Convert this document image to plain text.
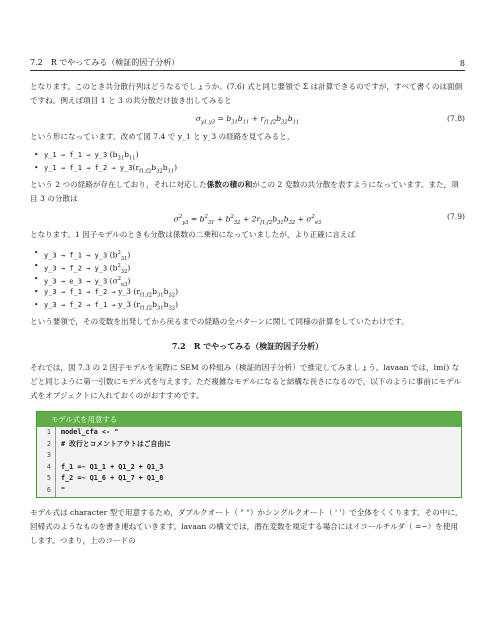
7.2　R でやってみる（検証的因子分析）	8

となります。このとき共分散行列はどうなるでしょうか。(7.6) 式と同じ要領で Σ は計算できるのですが，すべて書くのは面倒ですね。例えば項目 1 と 3 の共分散だけ抜き出してみると

$\sigma_{y1,y3} = b_{31}b_{11} + r_{f1,f2}b_{32}b_{11}$	(7.8)

という形になっています。改めて図 7.4 で y_1 と y_3 の経路を見てみると，

• y_1 → f_1 → y_3 $(b_{31}b_{11})$
• y_1 → f_1 → f_2 → $y\_3(r_{f1,f2}b_{32}b_{11})$

という 2 つの経路が存在しており，それに対応した係数の積の和がこの 2 変数の共分散を表すようになっています。また，項目 3 の分散は

$\sigma^2_{y3} = b^2_{31} + b^2_{32} + 2r_{f1,f2}b_{31}b_{32} + \sigma^2_{e3}$
(7.9)

となります。1 因子モデルのときも分散は係数の二乗和になっていましたが，より正確に言えば

• y_3 → f_1 → y_3 $(b^2_{31})$
• y_3 → f_2 → y_3 $(b^2_{32})$
• y_3 → e_3 → y_3 $(\sigma^2_{e3})$
• y_3 → f_1 → f_2 → y_3 $(r_{f1,f2}b_{31}b_{32})$
• y_3 → f_2 → f_1 → y_3 $(r_{f1,f2}b_{31}b_{32})$

という要領で，その変数を出発してから戻るまでの経路の全パターンに関して同様の計算をしていたわけです。

7.2　R でやってみる（検証的因子分析）

それでは，図 7.3 の 2 因子モデルを実際に SEM の枠組み（検証的因子分析）で推定してみましょう。lavaan では，lm() などと同じように第一引数にモデル式を与えます。ただ複雑なモデルになると結構な長さになるので，以下のように事前にモデル式をオブジェクトに入れておくのがおすすめです。

モデル式を用意する
1	model_cfa <- "
2	# 改行とコメントアウトはご自由に
3
4	f_1 =~ Q1_1 + Q1_2 + Q1_3
5	f_2 =~ Q1_6 + Q1_7 + Q1_8
6	"

モデル式は character 型で用意するため，ダブルクオート（ " "）かシングルクオート（ ' '）で全体をくくります。その中に，回帰式のようなものを書き連ねていきます。lavaan の構文では，潜在変数を規定する場合にはイコールチルダ（ =~）を使用します。つまり，上のコードの
